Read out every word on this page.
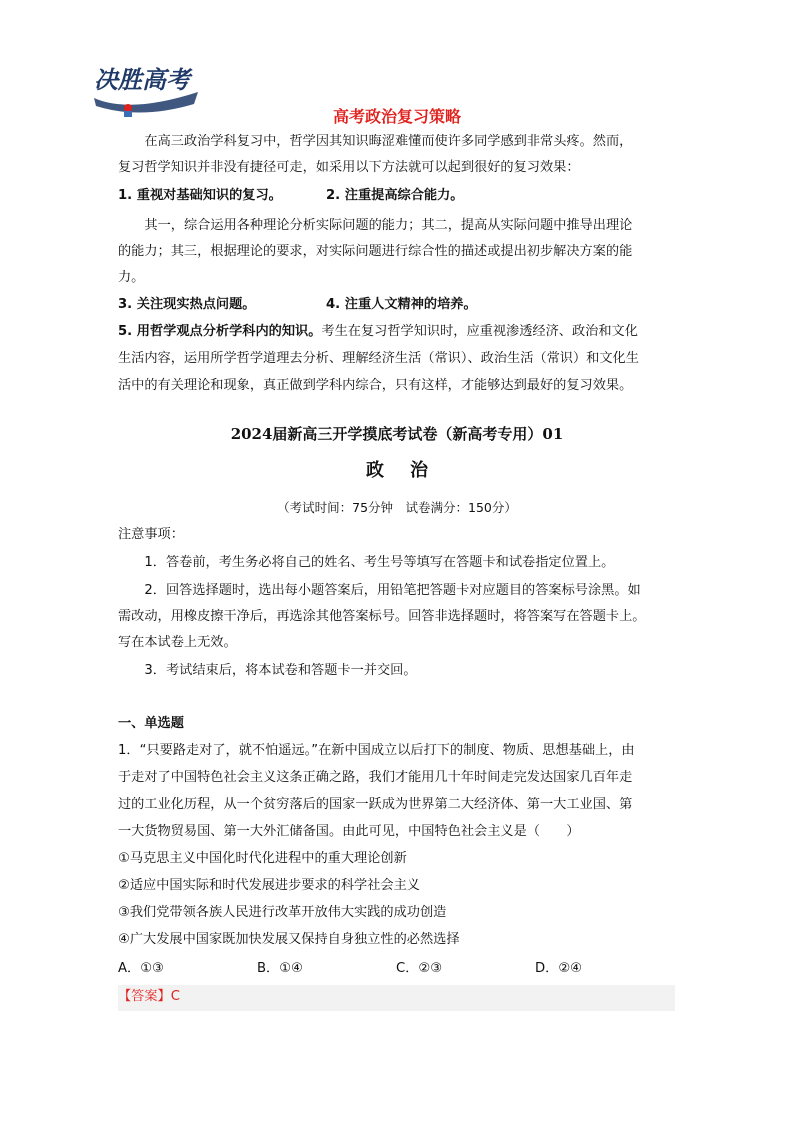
决胜高考
高考政治复习策略
在高三政治学科复习中，哲学因其知识晦涩难懂而使许多同学感到非常头疼。然而，
复习哲学知识并非没有捷径可走，如采用以下方法就可以起到很好的复习效果：
1. 重视对基础知识的复习。	2. 注重提高综合能力。
其一，综合运用各种理论分析实际问题的能力；其二，提高从实际问题中推导出理论
的能力；其三，根据理论的要求，对实际问题进行综合性的描述或提出初步解决方案的能
力。
3. 关注现实热点问题。	4. 注重人文精神的培养。
5. 用哲学观点分析学科内的知识。考生在复习哲学知识时，应重视渗透经济、政治和文化
生活内容，运用所学哲学道理去分析、理解经济生活（常识）、政治生活（常识）和文化生
活中的有关理论和现象，真正做到学科内综合，只有这样，才能够达到最好的复习效果。
2024届新高三开学摸底考试卷（新高考专用）01
政治
（考试时间：75分钟　试卷满分：150分）
注意事项：
1．答卷前，考生务必将自己的姓名、考生号等填写在答题卡和试卷指定位置上。
2．回答选择题时，选出每小题答案后，用铅笔把答题卡对应题目的答案标号涂黑。如
需改动，用橡皮擦干净后，再选涂其他答案标号。回答非选择题时，将答案写在答题卡上。
写在本试卷上无效。
3．考试结束后，将本试卷和答题卡一并交回。
一、单选题
1．“只要路走对了，就不怕遥远。”在新中国成立以后打下的制度、物质、思想基础上，由
于走对了中国特色社会主义这条正确之路，我们才能用几十年时间走完发达国家几百年走
过的工业化历程，从一个贫穷落后的国家一跃成为世界第二大经济体、第一大工业国、第
一大货物贸易国、第一大外汇储备国。由此可见，中国特色社会主义是（　　）
①马克思主义中国化时代化进程中的重大理论创新
②适应中国实际和时代发展进步要求的科学社会主义
③我们党带领各族人民进行改革开放伟大实践的成功创造
④广大发展中国家既加快发展又保持自身独立性的必然选择
A．①③	B．①④	C．②③	D．②④
【答案】C
